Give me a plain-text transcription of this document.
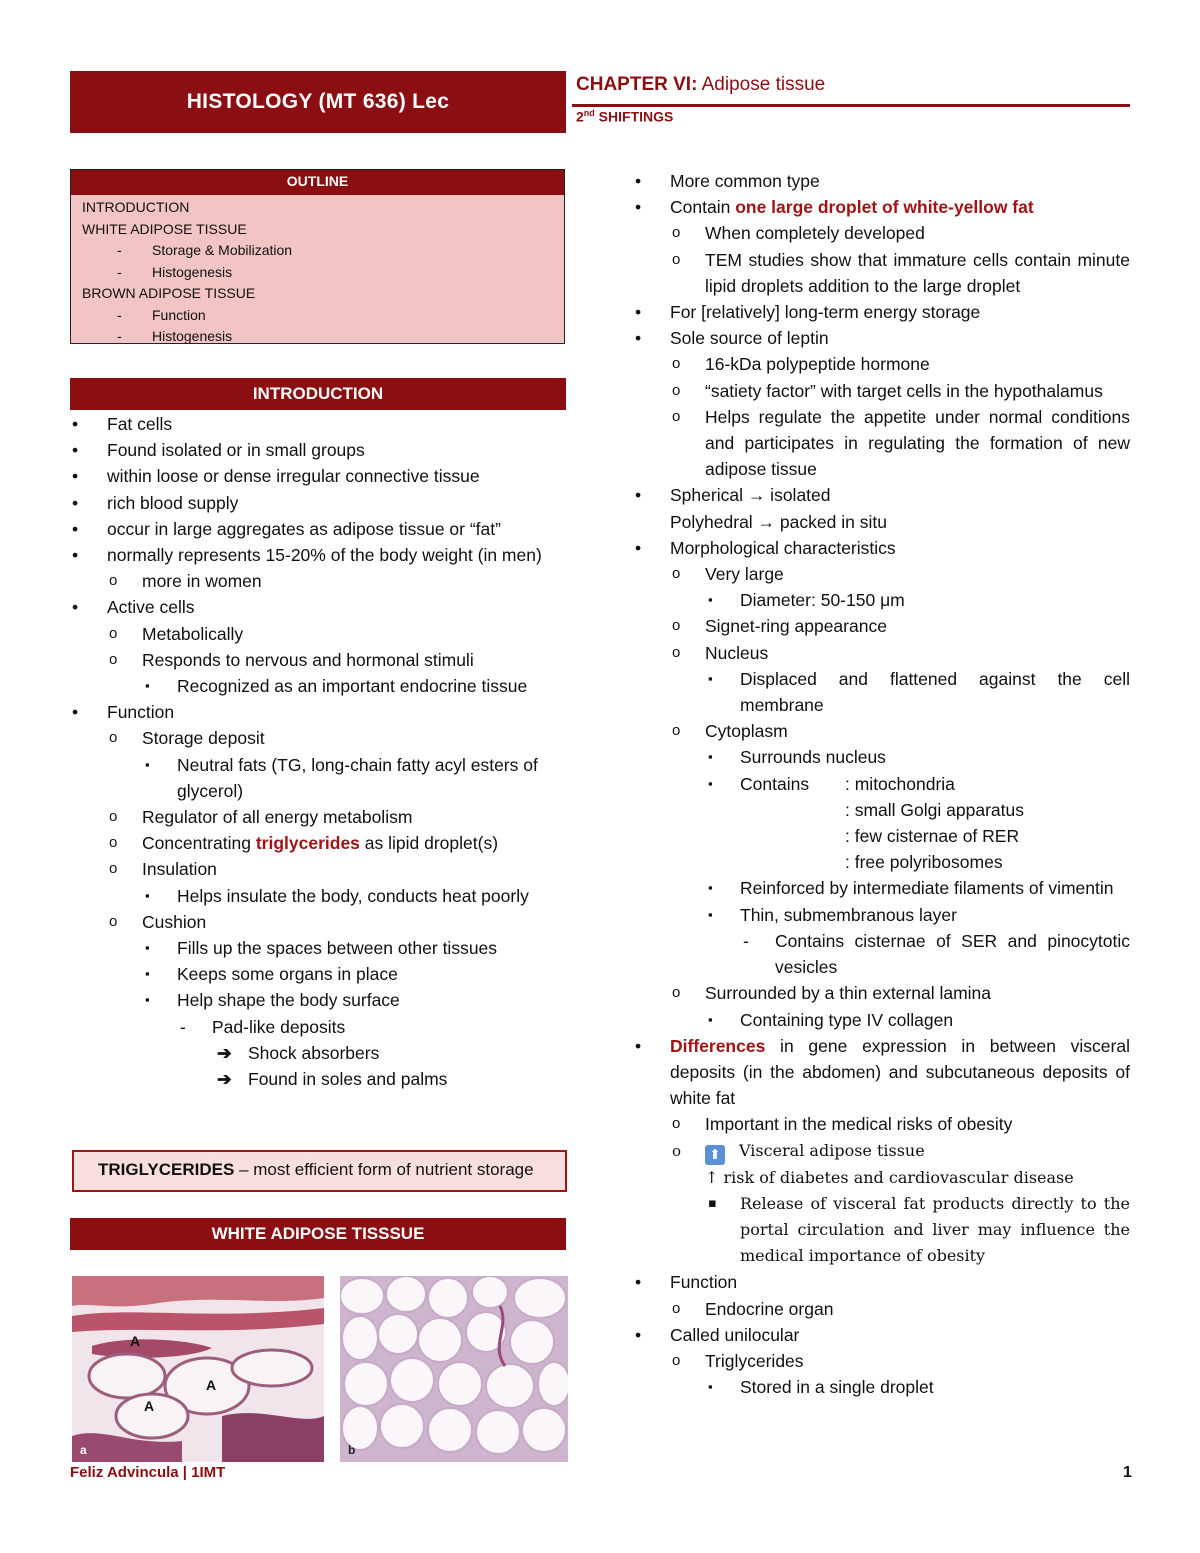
HISTOLOGY (MT 636) Lec
CHAPTER VI: Adipose tissue
2nd SHIFTINGS
OUTLINE
INTRODUCTION
WHITE ADIPOSE TISSUE
- Storage & Mobilization
- Histogenesis
BROWN ADIPOSE TISSUE
- Function
- Histogenesis
INTRODUCTION
• Fat cells
• Found isolated or in small groups
• within loose or dense irregular connective tissue
• rich blood supply
• occur in large aggregates as adipose tissue or “fat”
• normally represents 15-20% of the body weight (in men)
o more in women
• Active cells
o Metabolically
o Responds to nervous and hormonal stimuli
▪ Recognized as an important endocrine tissue
• Function
o Storage deposit
▪ Neutral fats (TG, long-chain fatty acyl esters of glycerol)
o Regulator of all energy metabolism
o Concentrating triglycerides as lipid droplet(s)
o Insulation
▪ Helps insulate the body, conducts heat poorly
o Cushion
▪ Fills up the spaces between other tissues
▪ Keeps some organs in place
▪ Help shape the body surface
- Pad-like deposits
➔ Shock absorbers
➔ Found in soles and palms
TRIGLYCERIDES – most efficient form of nutrient storage
WHITE ADIPOSE TISSSUE
A
A
A
a	b
• More common type
• Contain one large droplet of white-yellow fat
o When completely developed
o TEM studies show that immature cells contain minute lipid droplets addition to the large droplet
• For [relatively] long-term energy storage
• Sole source of leptin
o 16-kDa polypeptide hormone
o “satiety factor” with target cells in the hypothalamus
o Helps regulate the appetite under normal conditions and participates in regulating the formation of new adipose tissue
• Spherical → isolated
Polyhedral → packed in situ
• Morphological characteristics
o Very large
▪ Diameter: 50-150 μm
o Signet-ring appearance
o Nucleus
▪ Displaced and flattened against the cell membrane
o Cytoplasm
▪ Surrounds nucleus
▪ Contains : mitochondria
: small Golgi apparatus
: few cisternae of RER
: free polyribosomes
▪ Reinforced by intermediate filaments of vimentin
▪ Thin, submembranous layer
- Contains cisternae of SER and pinocytotic vesicles
o Surrounded by a thin external lamina
▪ Containing type IV collagen
• Differences in gene expression in between visceral deposits (in the abdomen) and subcutaneous deposits of white fat
o Important in the medical risks of obesity
o ⬆ Visceral adipose tissue
↑ risk of diabetes and cardiovascular disease
▪ Release of visceral fat products directly to the portal circulation and liver may influence the medical importance of obesity
• Function
o Endocrine organ
• Called unilocular
o Triglycerides
▪ Stored in a single droplet
Feliz Advincula | 1IMT	1
